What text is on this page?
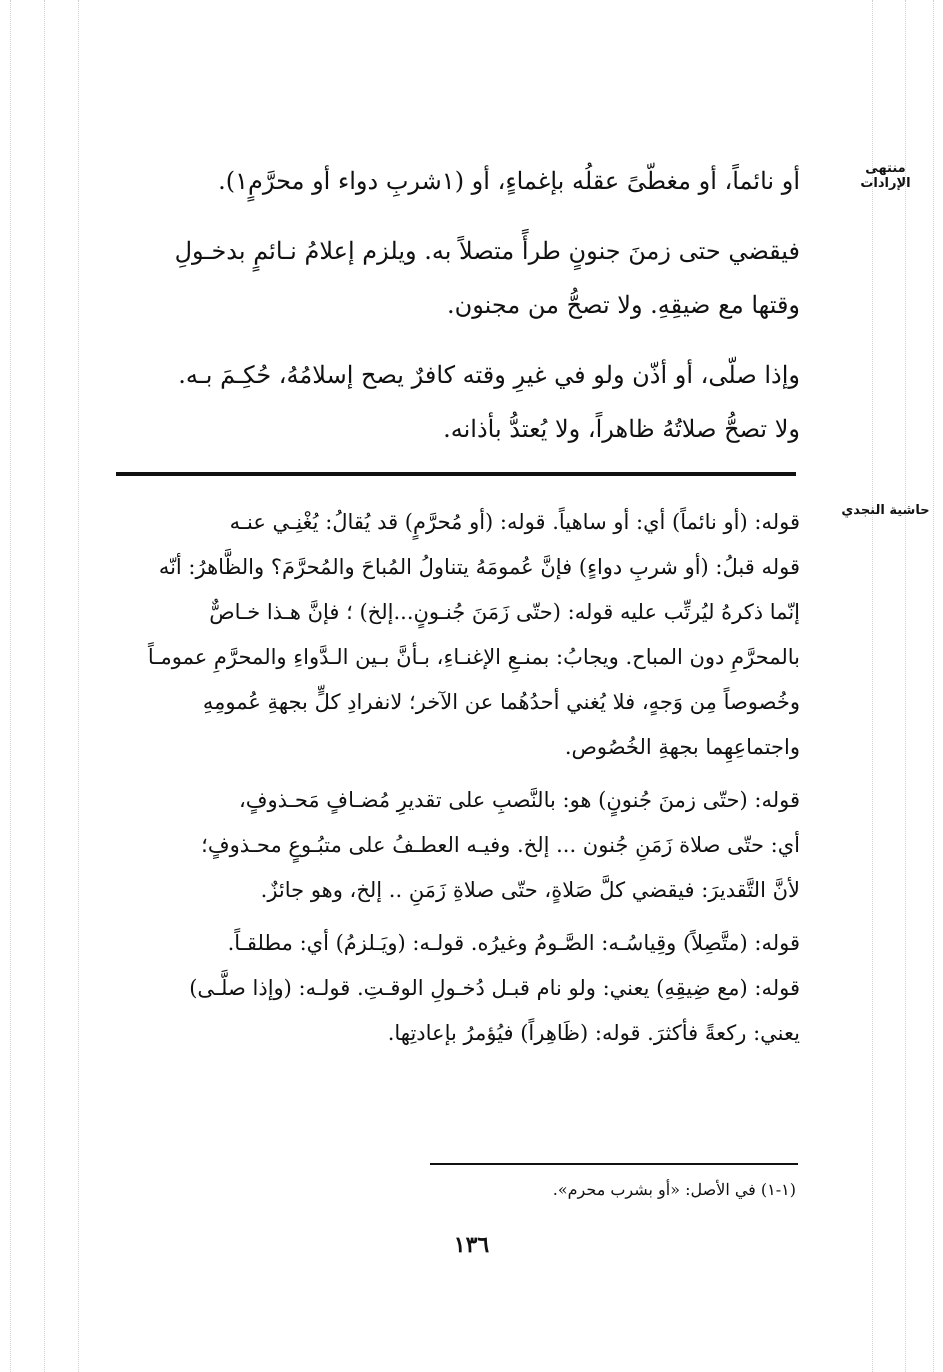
منتهى الإرادات
حاشية النجدي
أو نائماً، أو مغطّىً عقلُه بإغماءٍ، أو (١شربِ دواء أو محرَّمٍ١).
فيقضي حتى زمنَ جنونٍ طرأً متصلاً به. ويلزم إعلامُ نـائمٍ بدخـولِ
وقتها مع ضيقِهِ. ولا تصحُّ من مجنون.
وإذا صلّى، أو أذّن ولو في غيرِ وقته كافرٌ يصح إسلامُهُ، حُكِـمَ بـه.
ولا تصحُّ صلاتُهُ ظاهراً، ولا يُعتدُّ بأذانه.
قوله: (أو نائماً) أي: أو ساهياً. قوله: (أو مُحرَّمٍ) قد يُقالُ: يُغْنِـي عنـه
قوله قبلُ: (أو شربِ دواءٍ) فإنَّ عُمومَهُ يتناولُ المُباحَ والمُحرَّمَ؟ والظَّاهرُ: أنّه
إنّما ذكرهُ ليُرتِّب عليه قوله: (حتّى زَمَنَ جُنـونٍ...إلخ) ؛ فإنَّ هـذا خـاصٌّ
بالمحرَّمِ دون المباح. ويجابُ: بمنـعِ الإغنـاءِ، بـأنَّ بـين الـدَّواءِ والمحرَّمِ عمومـاً
وخُصوصاً مِن وَجهٍ، فلا يُغني أحدُهُما عن الآخر؛ لانفرادِ كلٍّ بجهةِ عُمومِهِ
واجتماعِهِما بجهةِ الخُصُوص.
قوله: (حتّى زمنَ جُنونٍ) هو: بالنَّصبِ على تقديرِ مُضـافٍ مَحـذوفٍ،
أي: حتّى صلاة زَمَنِ جُنون ... إلخ. وفيـه العطـفُ على متبُـوعٍ محـذوفٍ؛
لأنَّ التَّقديرَ: فيقضي كلَّ صَلاةٍ، حتّى صلاةِ زَمَنِ .. إلخ، وهو جائزٌ.
قوله: (متَّصِلاً) وقِياسُـه: الصَّـومُ وغيرُه. قولـه: (ويَـلزمُ) أي: مطلقـاً.
قوله: (مع ضِيقِهِ) يعني: ولو نام قبـل دُخـولِ الوقـتِ. قولـه: (وإذا صلَّـى)
يعني: ركعةً فأكثرَ. قوله: (ظَاهِراً) فيُؤمرُ بإعادتِها.
(١-١) في الأصل: «أو بشرب محرم».
١٣٦
